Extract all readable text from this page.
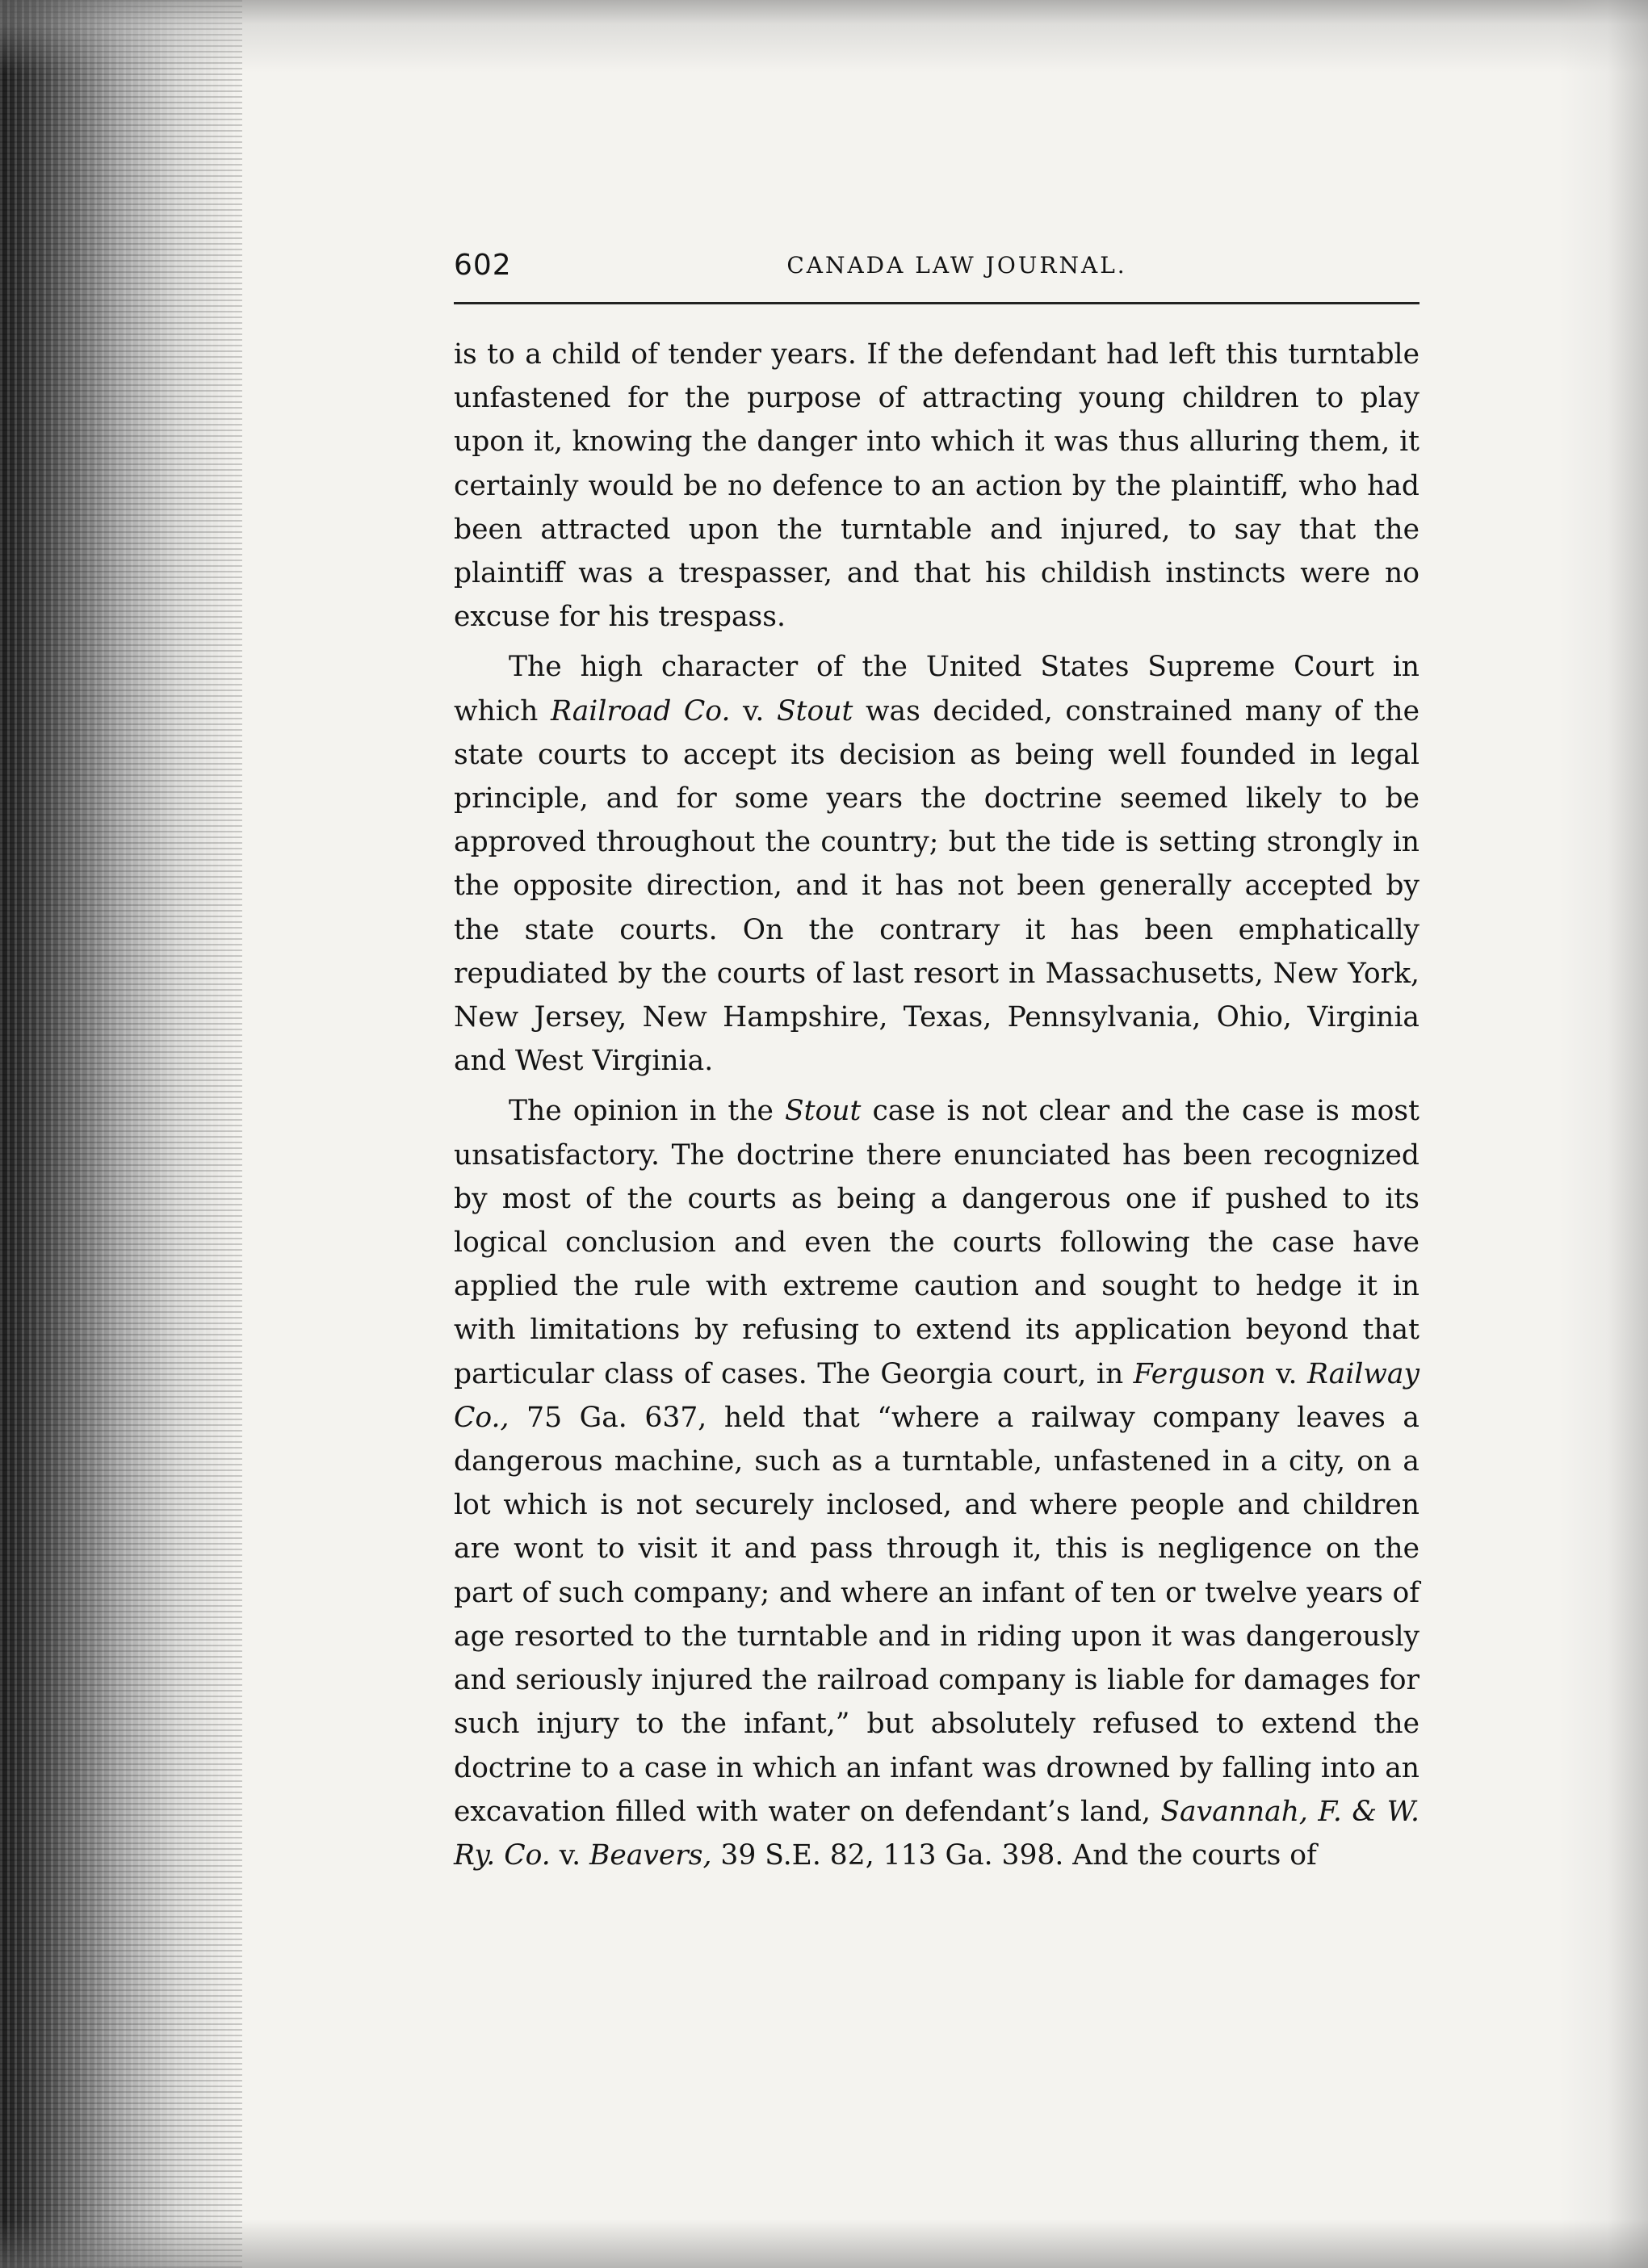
602	CANADA LAW JOURNAL.

is to a child of tender years. If the defendant had left this turntable unfastened for the purpose of attracting young children to play upon it, knowing the danger into which it was thus alluring them, it certainly would be no defence to an action by the plaintiff, who had been attracted upon the turntable and injured, to say that the plaintiff was a trespasser, and that his childish instincts were no excuse for his trespass.

The high character of the United States Supreme Court in which Railroad Co. v. Stout was decided, constrained many of the state courts to accept its decision as being well founded in legal principle, and for some years the doctrine seemed likely to be approved throughout the country; but the tide is setting strongly in the opposite direction, and it has not been generally accepted by the state courts. On the contrary it has been emphatically repudiated by the courts of last resort in Massachusetts, New York, New Jersey, New Hampshire, Texas, Pennsylvania, Ohio, Virginia and West Virginia.

The opinion in the Stout case is not clear and the case is most unsatisfactory. The doctrine there enunciated has been recognized by most of the courts as being a dangerous one if pushed to its logical conclusion and even the courts following the case have applied the rule with extreme caution and sought to hedge it in with limitations by refusing to extend its application beyond that particular class of cases. The Georgia court, in Ferguson v. Railway Co., 75 Ga. 637, held that “where a railway company leaves a dangerous machine, such as a turntable, unfastened in a city, on a lot which is not securely inclosed, and where people and children are wont to visit it and pass through it, this is negligence on the part of such company; and where an infant of ten or twelve years of age resorted to the turntable and in riding upon it was dangerously and seriously injured the railroad company is liable for damages for such injury to the infant,” but absolutely refused to extend the doctrine to a case in which an infant was drowned by falling into an excavation filled with water on defendant’s land, Savannah, F. & W. Ry. Co. v. Beavers, 39 S.E. 82, 113 Ga. 398. And the courts of
